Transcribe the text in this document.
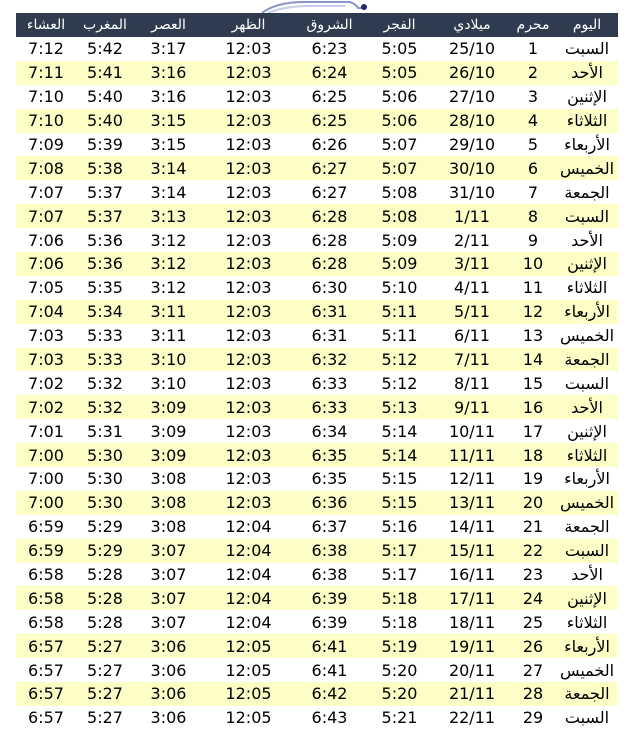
اليوم	محرم	ميلادي	الفجر	الشروق	الظهر	العصر	المغرب	العشاء
السبت	1	25/10	5:05	6:23	12:03	3:17	5:42	7:12
الأحد	2	26/10	5:05	6:24	12:03	3:16	5:41	7:11
الإثنين	3	27/10	5:06	6:25	12:03	3:16	5:40	7:10
الثلاثاء	4	28/10	5:06	6:25	12:03	3:15	5:40	7:10
الأربعاء	5	29/10	5:07	6:26	12:03	3:15	5:39	7:09
الخميس	6	30/10	5:07	6:27	12:03	3:14	5:38	7:08
الجمعة	7	31/10	5:08	6:27	12:03	3:14	5:37	7:07
السبت	8	1/11	5:08	6:28	12:03	3:13	5:37	7:07
الأحد	9	2/11	5:09	6:28	12:03	3:12	5:36	7:06
الإثنين	10	3/11	5:09	6:28	12:03	3:12	5:36	7:06
الثلاثاء	11	4/11	5:10	6:30	12:03	3:12	5:35	7:05
الأربعاء	12	5/11	5:11	6:31	12:03	3:11	5:34	7:04
الخميس	13	6/11	5:11	6:31	12:03	3:11	5:33	7:03
الجمعة	14	7/11	5:12	6:32	12:03	3:10	5:33	7:03
السبت	15	8/11	5:12	6:33	12:03	3:10	5:32	7:02
الأحد	16	9/11	5:13	6:33	12:03	3:09	5:32	7:02
الإثنين	17	10/11	5:14	6:34	12:03	3:09	5:31	7:01
الثلاثاء	18	11/11	5:14	6:35	12:03	3:09	5:30	7:00
الأربعاء	19	12/11	5:15	6:35	12:03	3:08	5:30	7:00
الخميس	20	13/11	5:15	6:36	12:03	3:08	5:30	7:00
الجمعة	21	14/11	5:16	6:37	12:04	3:08	5:29	6:59
السبت	22	15/11	5:17	6:38	12:04	3:07	5:29	6:59
الأحد	23	16/11	5:17	6:38	12:04	3:07	5:28	6:58
الإثنين	24	17/11	5:18	6:39	12:04	3:07	5:28	6:58
الثلاثاء	25	18/11	5:18	6:39	12:04	3:07	5:28	6:58
الأربعاء	26	19/11	5:19	6:41	12:05	3:06	5:27	6:57
الخميس	27	20/11	5:20	6:41	12:05	3:06	5:27	6:57
الجمعة	28	21/11	5:20	6:42	12:05	3:06	5:27	6:57
السبت	29	22/11	5:21	6:43	12:05	3:06	5:27	6:57
